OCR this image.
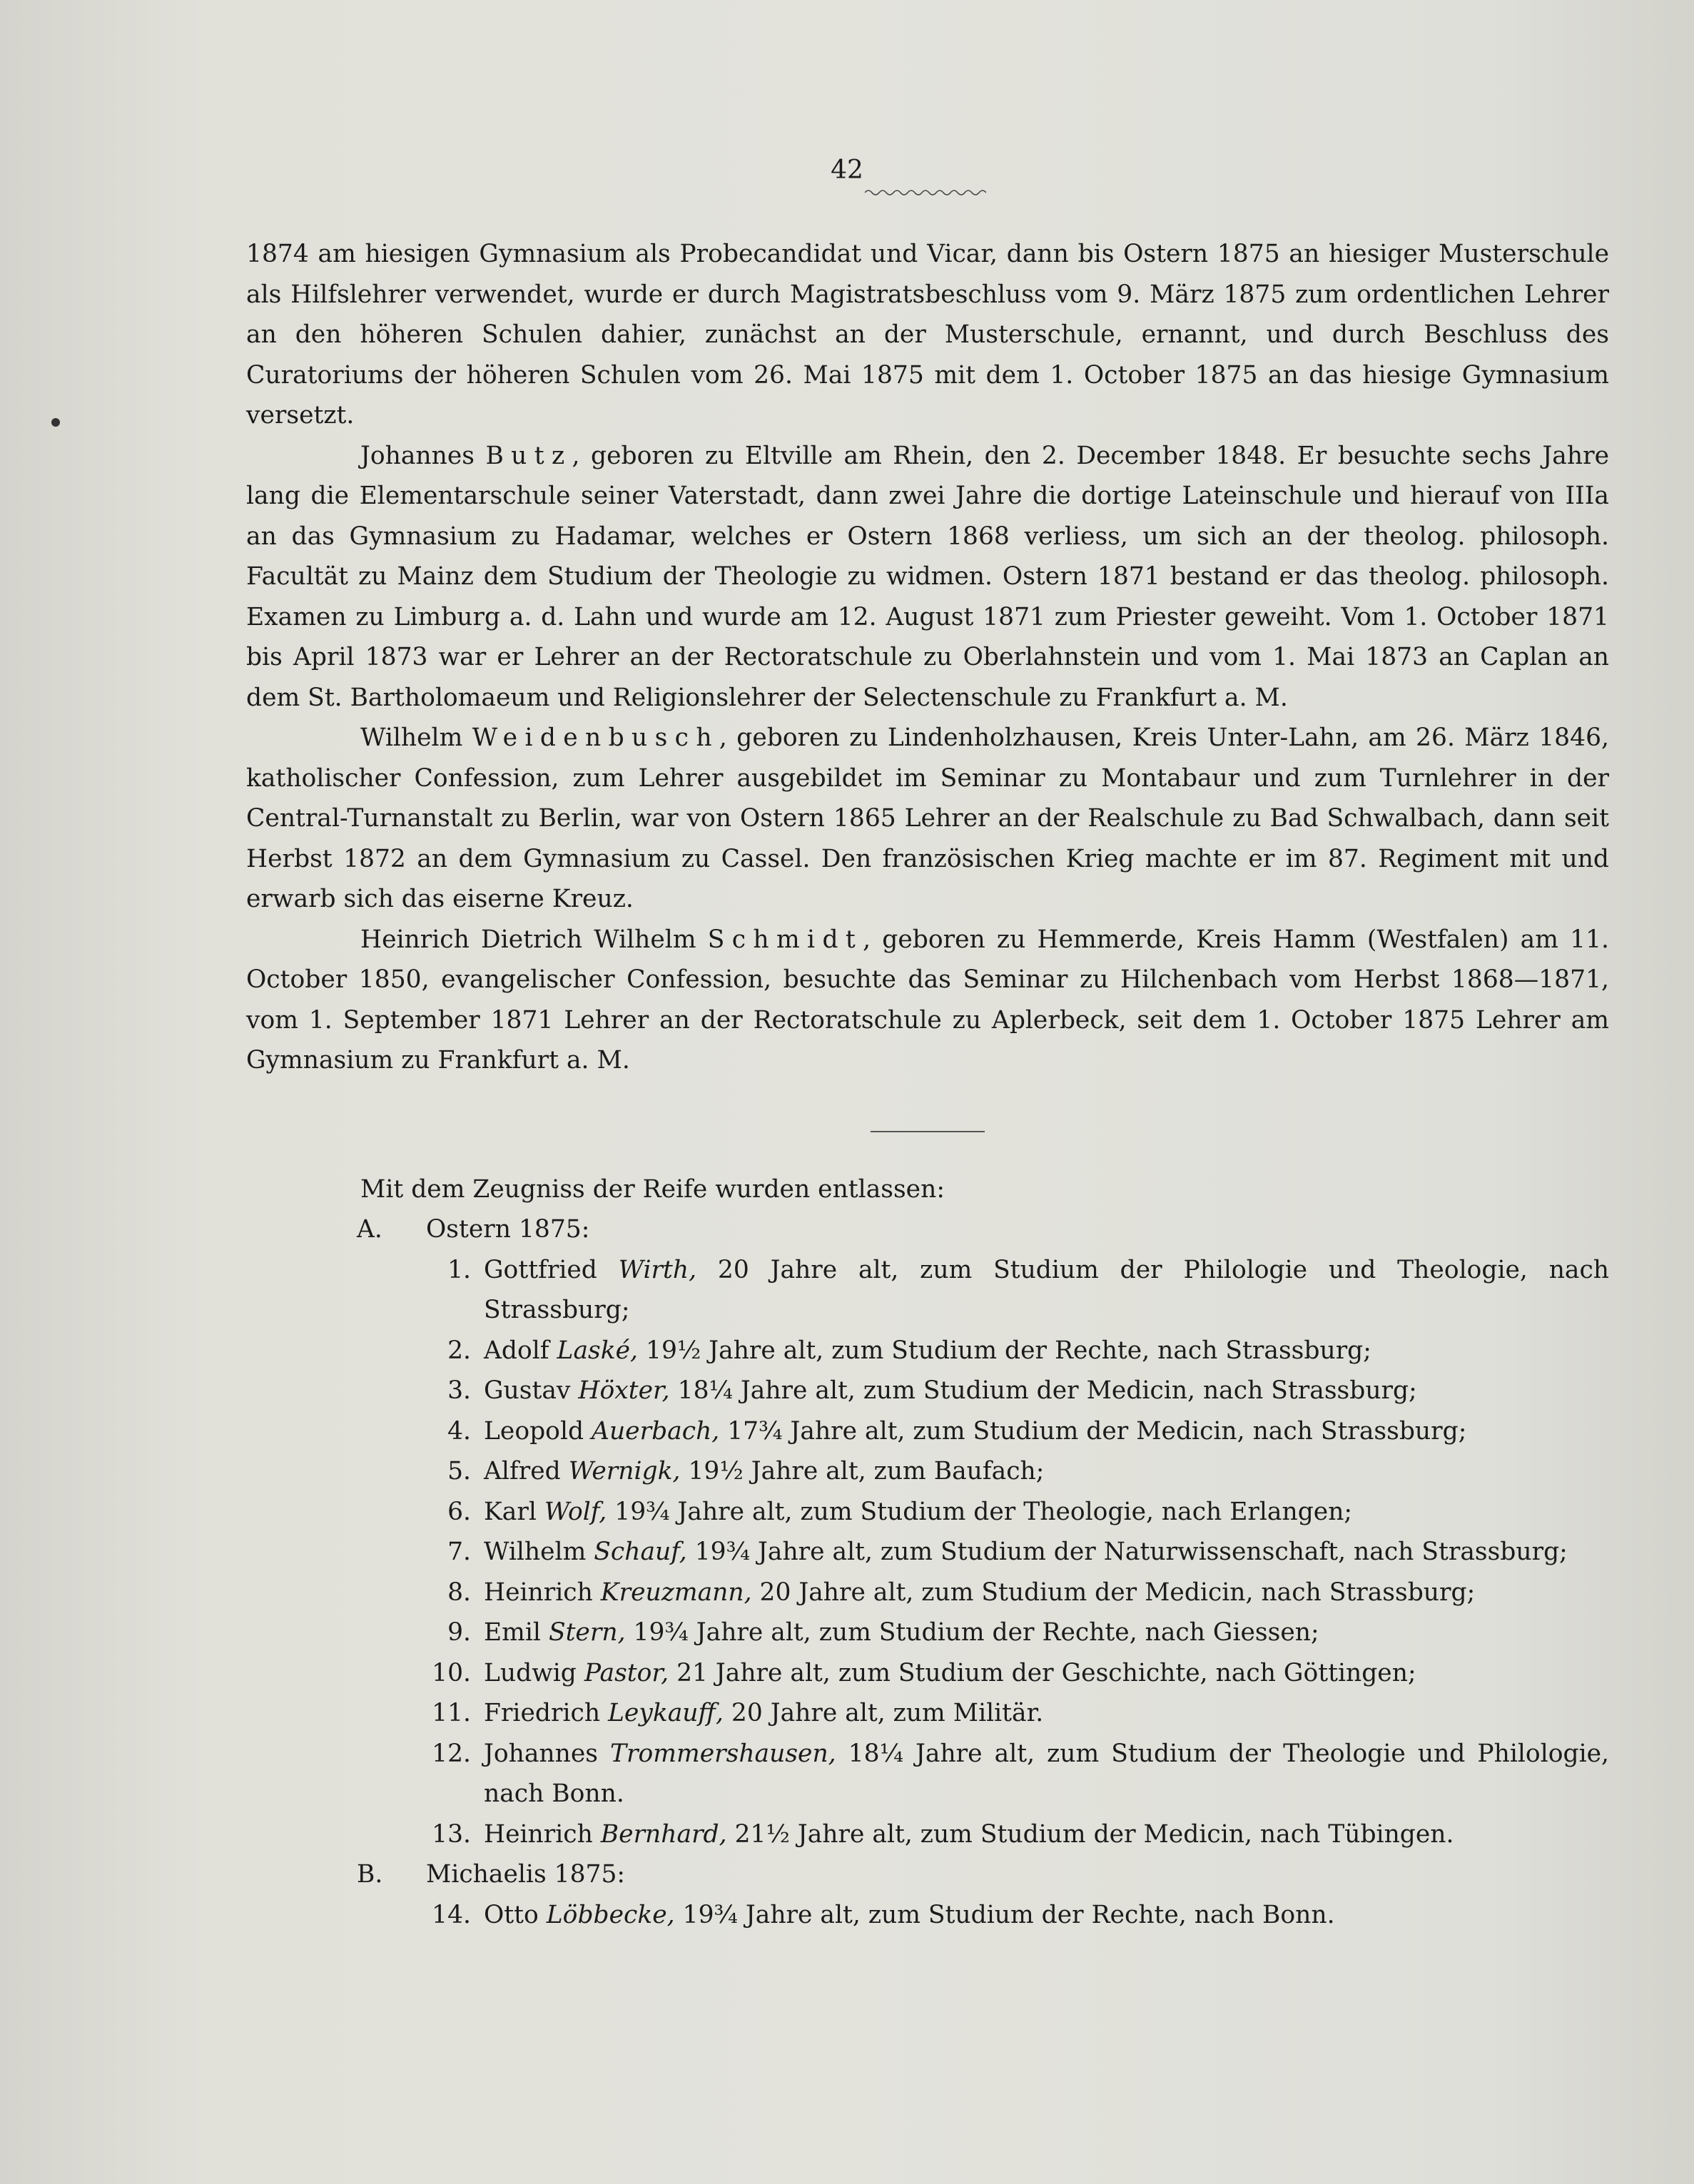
42

1874 am hiesigen Gymnasium als Probecandidat und Vicar, dann bis Ostern 1875 an hiesiger Musterschule als Hilfslehrer verwendet, wurde er durch Magistratsbeschluss vom 9. März 1875 zum ordentlichen Lehrer an den höheren Schulen dahier, zunächst an der Musterschule, ernannt, und durch Beschluss des Curatoriums der höheren Schulen vom 26. Mai 1875 mit dem 1. October 1875 an das hiesige Gymnasium versetzt.

Johannes Butz, geboren zu Eltville am Rhein, den 2. December 1848. Er besuchte sechs Jahre lang die Elementarschule seiner Vaterstadt, dann zwei Jahre die dortige Lateinschule und hierauf von IIIa an das Gymnasium zu Hadamar, welches er Ostern 1868 verliess, um sich an der theolog. philosoph. Facultät zu Mainz dem Studium der Theologie zu widmen. Ostern 1871 bestand er das theolog. philosoph. Examen zu Limburg a. d. Lahn und wurde am 12. August 1871 zum Priester geweiht. Vom 1. October 1871 bis April 1873 war er Lehrer an der Rectoratschule zu Oberlahnstein und vom 1. Mai 1873 an Caplan an dem St. Bartholomaeum und Religionslehrer der Selectenschule zu Frankfurt a. M.

Wilhelm Weidenbusch, geboren zu Lindenholzhausen, Kreis Unter-Lahn, am 26. März 1846, katholischer Confession, zum Lehrer ausgebildet im Seminar zu Montabaur und zum Turnlehrer in der Central-Turnanstalt zu Berlin, war von Ostern 1865 Lehrer an der Realschule zu Bad Schwalbach, dann seit Herbst 1872 an dem Gymnasium zu Cassel. Den französischen Krieg machte er im 87. Regiment mit und erwarb sich das eiserne Kreuz.

Heinrich Dietrich Wilhelm Schmidt, geboren zu Hemmerde, Kreis Hamm (Westfalen) am 11. October 1850, evangelischer Confession, besuchte das Seminar zu Hilchenbach vom Herbst 1868—1871, vom 1. September 1871 Lehrer an der Rectoratschule zu Aplerbeck, seit dem 1. October 1875 Lehrer am Gymnasium zu Frankfurt a. M.

Mit dem Zeugniss der Reife wurden entlassen:
A.	Ostern 1875:
1. Gottfried Wirth, 20 Jahre alt, zum Studium der Philologie und Theologie, nach Strassburg;
2. Adolf Laské, 19½ Jahre alt, zum Studium der Rechte, nach Strassburg;
3. Gustav Höxter, 18¼ Jahre alt, zum Studium der Medicin, nach Strassburg;
4. Leopold Auerbach, 17¾ Jahre alt, zum Studium der Medicin, nach Strassburg;
5. Alfred Wernigk, 19½ Jahre alt, zum Baufach;
6. Karl Wolf, 19¾ Jahre alt, zum Studium der Theologie, nach Erlangen;
7. Wilhelm Schauf, 19¾ Jahre alt, zum Studium der Naturwissenschaft, nach Strassburg;
8. Heinrich Kreuzmann, 20 Jahre alt, zum Studium der Medicin, nach Strassburg;
9. Emil Stern, 19¾ Jahre alt, zum Studium der Rechte, nach Giessen;
10. Ludwig Pastor, 21 Jahre alt, zum Studium der Geschichte, nach Göttingen;
11. Friedrich Leykauff, 20 Jahre alt, zum Militär.
12. Johannes Trommershausen, 18¼ Jahre alt, zum Studium der Theologie und Philologie, nach Bonn.
13. Heinrich Bernhard, 21½ Jahre alt, zum Studium der Medicin, nach Tübingen.
B.	Michaelis 1875:
14. Otto Löbbecke, 19¾ Jahre alt, zum Studium der Rechte, nach Bonn.
